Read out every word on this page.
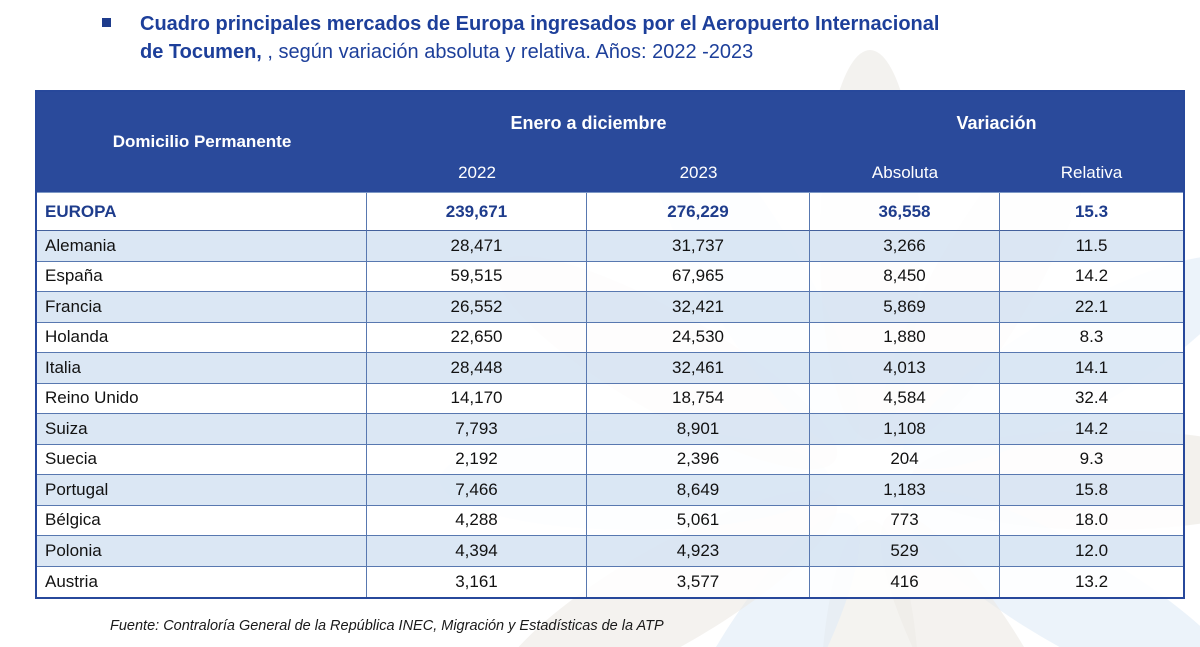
Cuadro principales mercados de Europa ingresados por el Aeropuerto Internacional
de Tocumen, , según variación absoluta y relativa. Años: 2022 -2023
Domicilio Permanente
Enero a diciembre	Variación
2022	2023	Absoluta	Relativa
EUROPA	239,671	276,229	36,558	15.3
Alemania	28,471	31,737	3,266	11.5
España	59,515	67,965	8,450	14.2
Francia	26,552	32,421	5,869	22.1
Holanda	22,650	24,530	1,880	8.3
Italia	28,448	32,461	4,013	14.1
Reino Unido	14,170	18,754	4,584	32.4
Suiza	7,793	8,901	1,108	14.2
Suecia	2,192	2,396	204	9.3
Portugal	7,466	8,649	1,183	15.8
Bélgica	4,288	5,061	773	18.0
Polonia	4,394	4,923	529	12.0
Austria	3,161	3,577	416	13.2
Fuente: Contraloría General de la República INEC, Migración y Estadísticas de la ATP
